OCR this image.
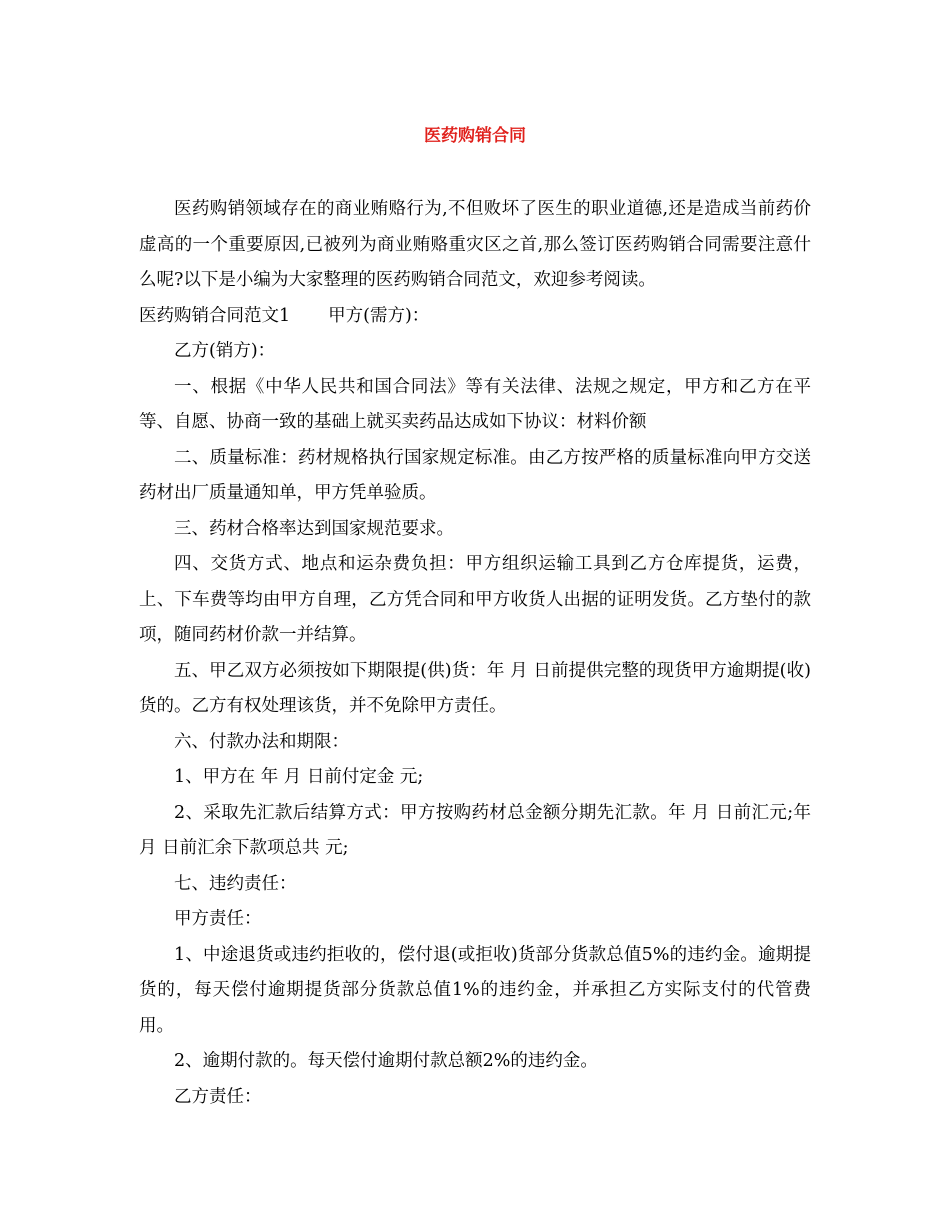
医药购销合同

医药购销领域存在的商业贿赂行为,不但败坏了医生的职业道德,还是造成当前药价虚高的一个重要原因,已被列为商业贿赂重灾区之首,那么签订医药购销合同需要注意什么呢?以下是小编为大家整理的医药购销合同范文，欢迎参考阅读。

医药购销合同范文1 甲方(需方)：

乙方(销方)：

一、根据《中华人民共和国合同法》等有关法律、法规之规定，甲方和乙方在平等、自愿、协商一致的基础上就买卖药品达成如下协议：材料价额

二、质量标准：药材规格执行国家规定标准。由乙方按严格的质量标准向甲方交送药材出厂质量通知单，甲方凭单验质。

三、药材合格率达到国家规范要求。

四、交货方式、地点和运杂费负担：甲方组织运输工具到乙方仓库提货，运费，上、下车费等均由甲方自理，乙方凭合同和甲方收货人出据的证明发货。乙方垫付的款项，随同药材价款一并结算。

五、甲乙双方必须按如下期限提(供)货：年 月 日前提供完整的现货甲方逾期提(收)货的。乙方有权处理该货，并不免除甲方责任。

六、付款办法和期限：

1、甲方在 年 月 日前付定金 元;

2、采取先汇款后结算方式：甲方按购药材总金额分期先汇款。年 月 日前汇元;年 月 日前汇余下款项总共 元;

七、违约责任：

甲方责任：

1、中途退货或违约拒收的，偿付退(或拒收)货部分货款总值5%的违约金。逾期提货的，每天偿付逾期提货部分货款总值1%的违约金，并承担乙方实际支付的代管费用。

2、逾期付款的。每天偿付逾期付款总额2%的违约金。

乙方责任：
